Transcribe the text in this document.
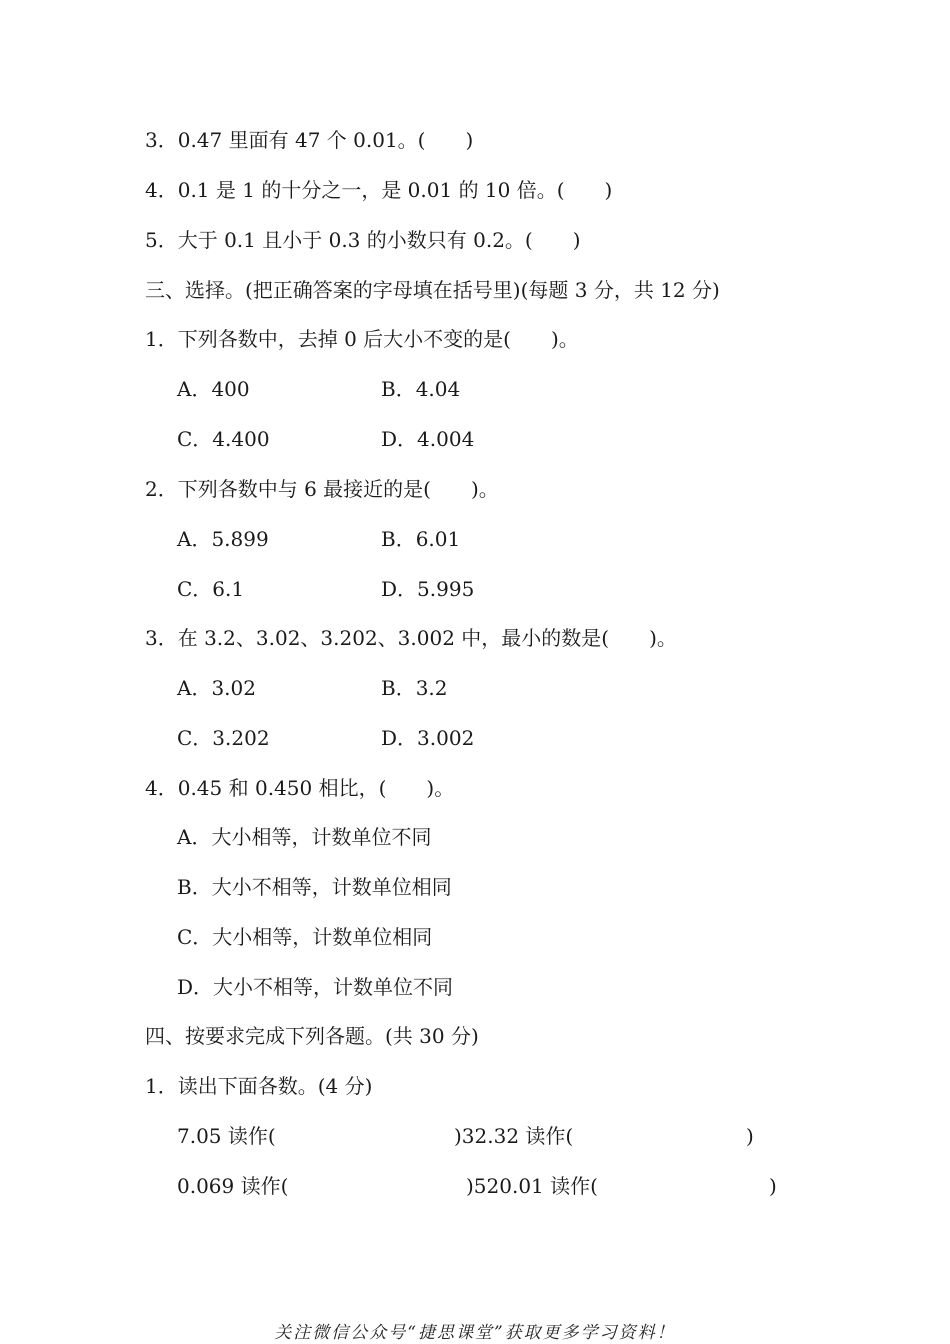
3．0.47 里面有 47 个 0.01。(　　)
4．0.1 是 1 的十分之一，是 0.01 的 10 倍。(　　)
5．大于 0.1 且小于 0.3 的小数只有 0.2。(　　)
三、选择。(把正确答案的字母填在括号里)(每题 3 分，共 12 分)
1．下列各数中，去掉 0 后大小不变的是(　　)。
A．400	B．4.04
C．4.400	D．4.004
2．下列各数中与 6 最接近的是(　　)。
A．5.899	B．6.01
C．6.1	D．5.995
3．在 3.2、3.02、3.202、3.002 中，最小的数是(　　)。
A．3.02	B．3.2
C．3.202	D．3.002
4．0.45 和 0.450 相比，(　　)。
A．大小相等，计数单位不同
B．大小不相等，计数单位相同
C．大小相等，计数单位相同
D．大小不相等，计数单位不同
四、按要求完成下列各题。(共 30 分)
1．读出下面各数。(4 分)
7.05 读作(	)32.32 读作(	)
0.069 读作(	)520.01 读作(	)
关注微信公众号“捷思课堂”获取更多学习资料！
